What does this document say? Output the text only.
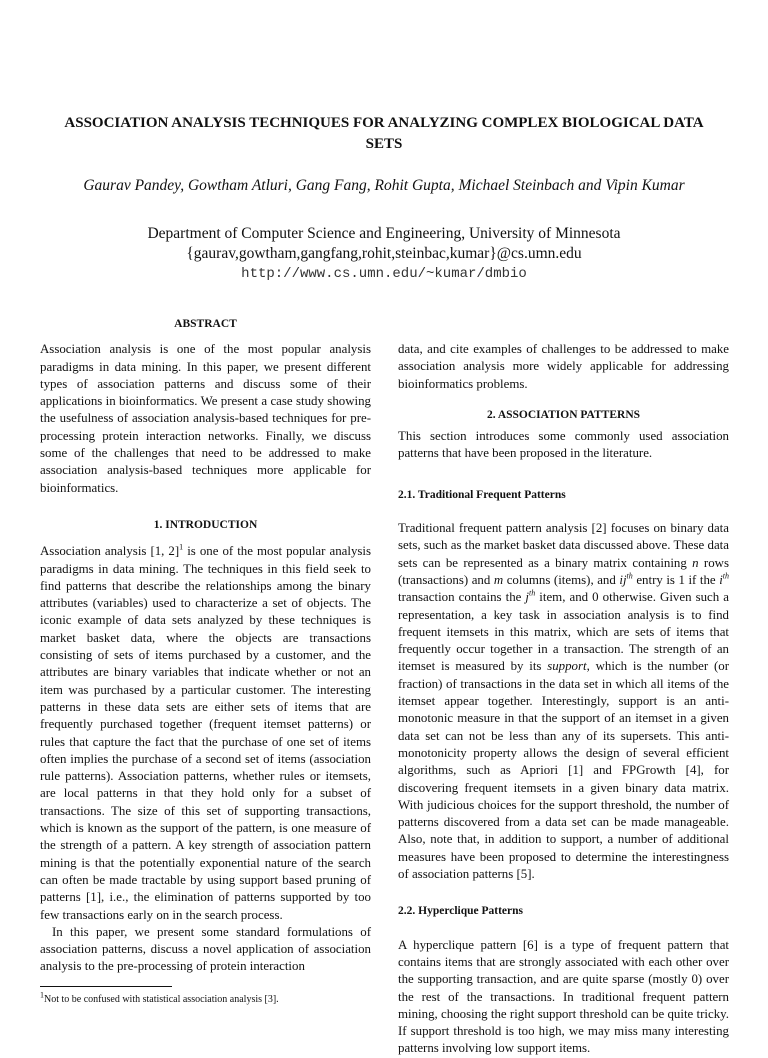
ASSOCIATION ANALYSIS TECHNIQUES FOR ANALYZING COMPLEX BIOLOGICAL DATA SETS
Gaurav Pandey, Gowtham Atluri, Gang Fang, Rohit Gupta, Michael Steinbach and Vipin Kumar
Department of Computer Science and Engineering, University of Minnesota
{gaurav,gowtham,gangfang,rohit,steinbac,kumar}@cs.umn.edu
http://www.cs.umn.edu/~kumar/dmbio
ABSTRACT

Association analysis is one of the most popular analysis paradigms in data mining. In this paper, we present different types of association patterns and discuss some of their applications in bioinformatics. We present a case study showing the usefulness of association analysis-based techniques for pre-processing protein interaction networks. Finally, we discuss some of the challenges that need to be addressed to make association analysis-based techniques more applicable for bioinformatics.

1. INTRODUCTION

Association analysis [1, 2]$^1$ is one of the most popular analysis paradigms in data mining. The techniques in this field seek to find patterns that describe the relationships among the binary attributes (variables) used to characterize a set of objects. The iconic example of data sets analyzed by these techniques is market basket data, where the objects are transactions consisting of sets of items purchased by a customer, and the attributes are binary variables that indicate whether or not an item was purchased by a particular customer. The interesting patterns in these data sets are either sets of items that are frequently purchased together (frequent itemset patterns) or rules that capture the fact that the purchase of one set of items often implies the purchase of a second set of items (association rule patterns). Association patterns, whether rules or itemsets, are local patterns in that they hold only for a subset of transactions. The size of this set of supporting transactions, which is known as the support of the pattern, is one measure of the strength of a pattern. A key strength of association pattern mining is that the potentially exponential nature of the search can often be made tractable by using support based pruning of patterns [1], i.e., the elimination of patterns supported by too few transactions early on in the search process.

In this paper, we present some standard formulations of association patterns, discuss a novel application of association analysis to the pre-processing of protein interaction

$^1$Not to be confused with statistical association analysis [3].

data, and cite examples of challenges to be addressed to make association analysis more widely applicable for addressing bioinformatics problems.

2. ASSOCIATION PATTERNS

This section introduces some commonly used association patterns that have been proposed in the literature.

2.1. Traditional Frequent Patterns

Traditional frequent pattern analysis [2] focuses on binary data sets, such as the market basket data discussed above. These data sets can be represented as a binary matrix containing n rows (transactions) and m columns (items), and $ij^{th}$ entry is 1 if the $i^{th}$ transaction contains the $j^{th}$ item, and 0 otherwise. Given such a representation, a key task in association analysis is to find frequent itemsets in this matrix, which are sets of items that frequently occur together in a transaction. The strength of an itemset is measured by its support, which is the number (or fraction) of transactions in the data set in which all items of the itemset appear together. Interestingly, support is an anti-monotonic measure in that the support of an itemset in a given data set can not be less than any of its supersets. This anti-monotonicity property allows the design of several efficient algorithms, such as Apriori [1] and FPGrowth [4], for discovering frequent itemsets in a given binary data matrix. With judicious choices for the support threshold, the number of patterns discovered from a data set can be made manageable. Also, note that, in addition to support, a number of additional measures have been proposed to determine the interestingness of association patterns [5].

2.2. Hyperclique Patterns

A hyperclique pattern [6] is a type of frequent pattern that contains items that are strongly associated with each other over the supporting transaction, and are quite sparse (mostly 0) over the rest of the transactions. In traditional frequent pattern mining, choosing the right support threshold can be quite tricky. If support threshold is too high, we may miss many interesting patterns involving low support items.
